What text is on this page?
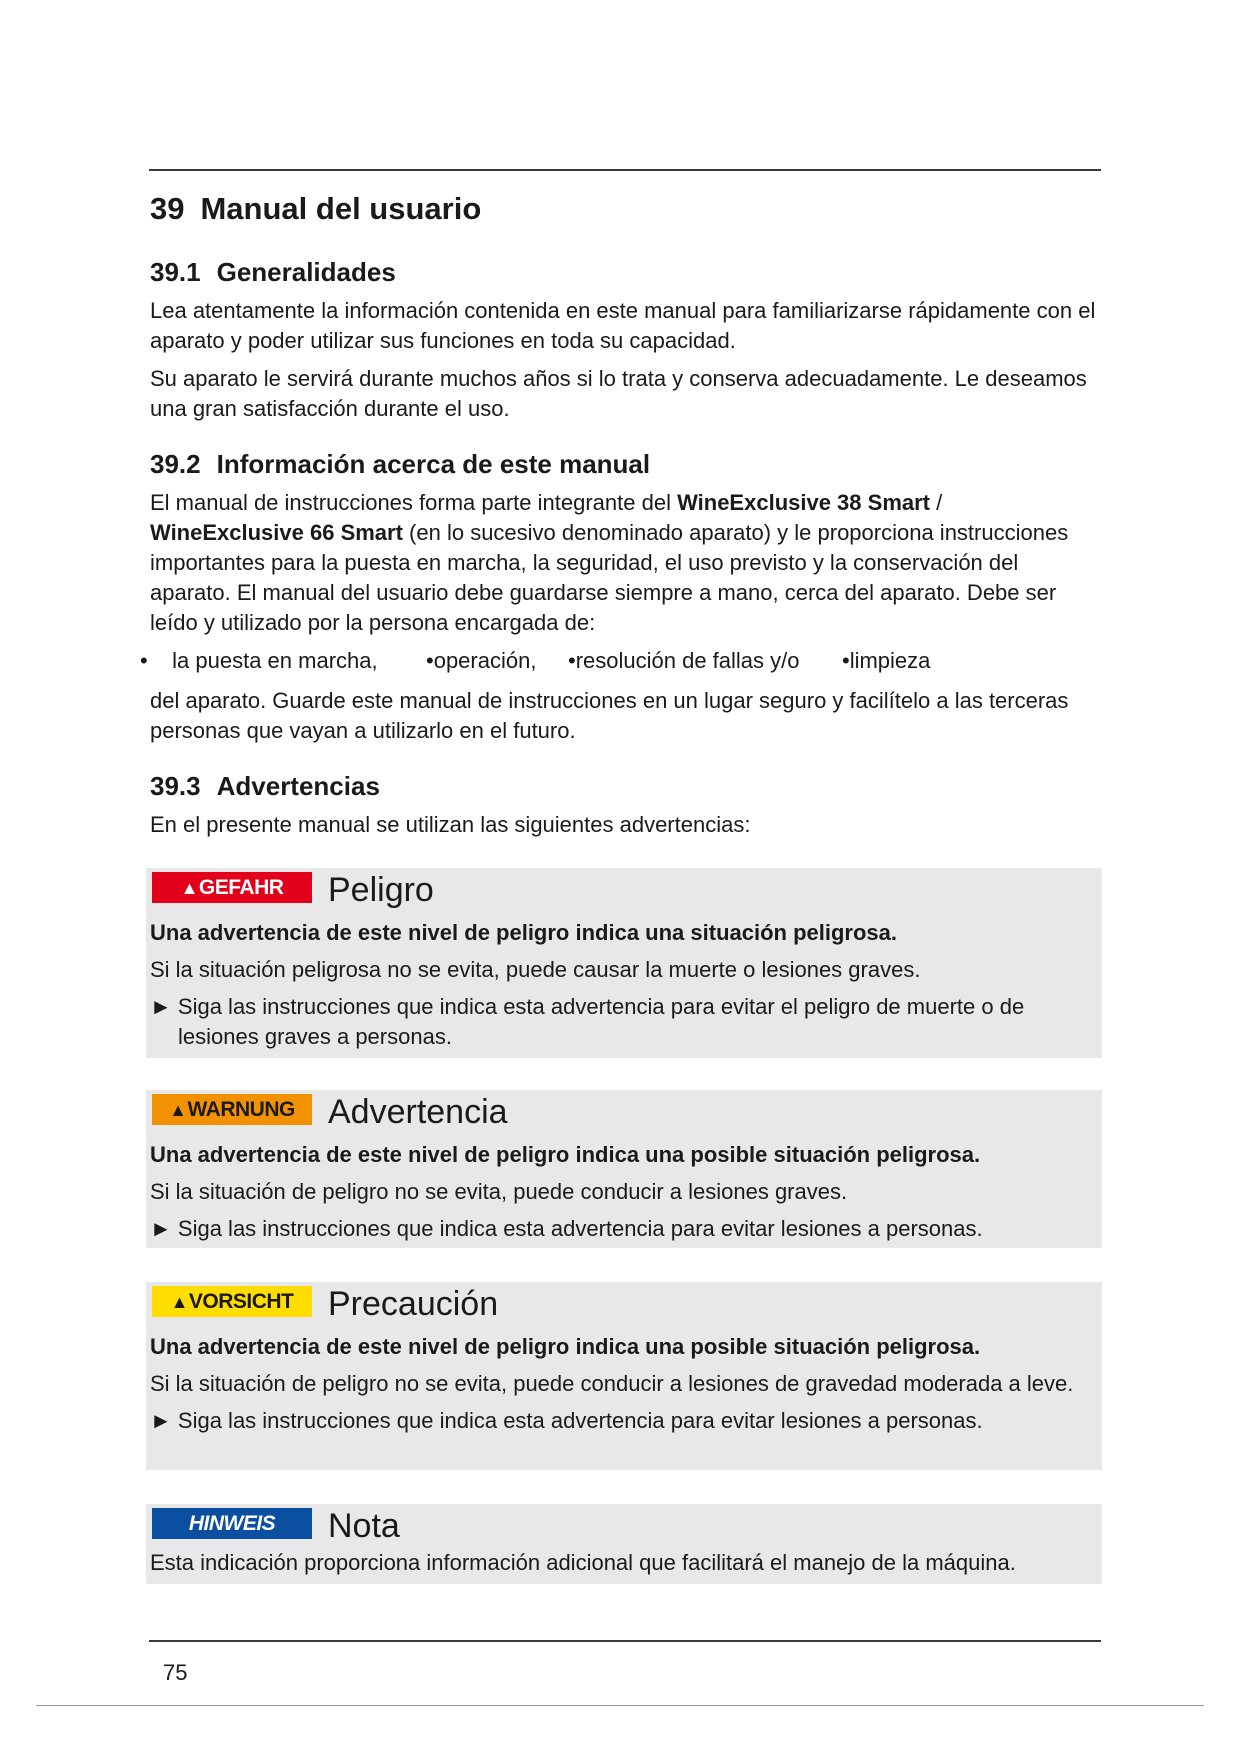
39 Manual del usuario
39.1 Generalidades

Lea atentamente la información contenida en este manual para familiarizarse rápidamente con el aparato y poder utilizar sus funciones en toda su capacidad.

Su aparato le servirá durante muchos años si lo trata y conserva adecuadamente. Le deseamos una gran satisfacción durante el uso.

39.2 Información acerca de este manual

El manual de instrucciones forma parte integrante del WineExclusive 38 Smart / WineExclusive 66 Smart (en lo sucesivo denominado aparato) y le proporciona instrucciones importantes para la puesta en marcha, la seguridad, el uso previsto y la conservación del aparato. El manual del usuario debe guardarse siempre a mano, cerca del aparato. Debe ser leído y utilizado por la persona encargada de:

• la puesta en marcha, • operación, • resolución de fallas y/o • limpieza

del aparato. Guarde este manual de instrucciones en un lugar seguro y facilítelo a las terceras personas que vayan a utilizarlo en el futuro.

39.3 Advertencias

En el presente manual se utilizan las siguientes advertencias:

▲GEFAHR	Peligro
Una advertencia de este nivel de peligro indica una situación peligrosa.
Si la situación peligrosa no se evita, puede causar la muerte o lesiones graves.
► Siga las instrucciones que indica esta advertencia para evitar el peligro de muerte o de lesiones graves a personas.
▲WARNUNG Advertencia
Una advertencia de este nivel de peligro indica una posible situación peligrosa.
Si la situación de peligro no se evita, puede conducir a lesiones graves.
► Siga las instrucciones que indica esta advertencia para evitar lesiones a personas.
▲VORSICHT	Precaución
Una advertencia de este nivel de peligro indica una posible situación peligrosa.
Si la situación de peligro no se evita, puede conducir a lesiones de gravedad moderada a leve.
► Siga las instrucciones que indica esta advertencia para evitar lesiones a personas.
HINWEIS	Nota
Esta indicación proporciona información adicional que facilitará el manejo de la máquina.
75
